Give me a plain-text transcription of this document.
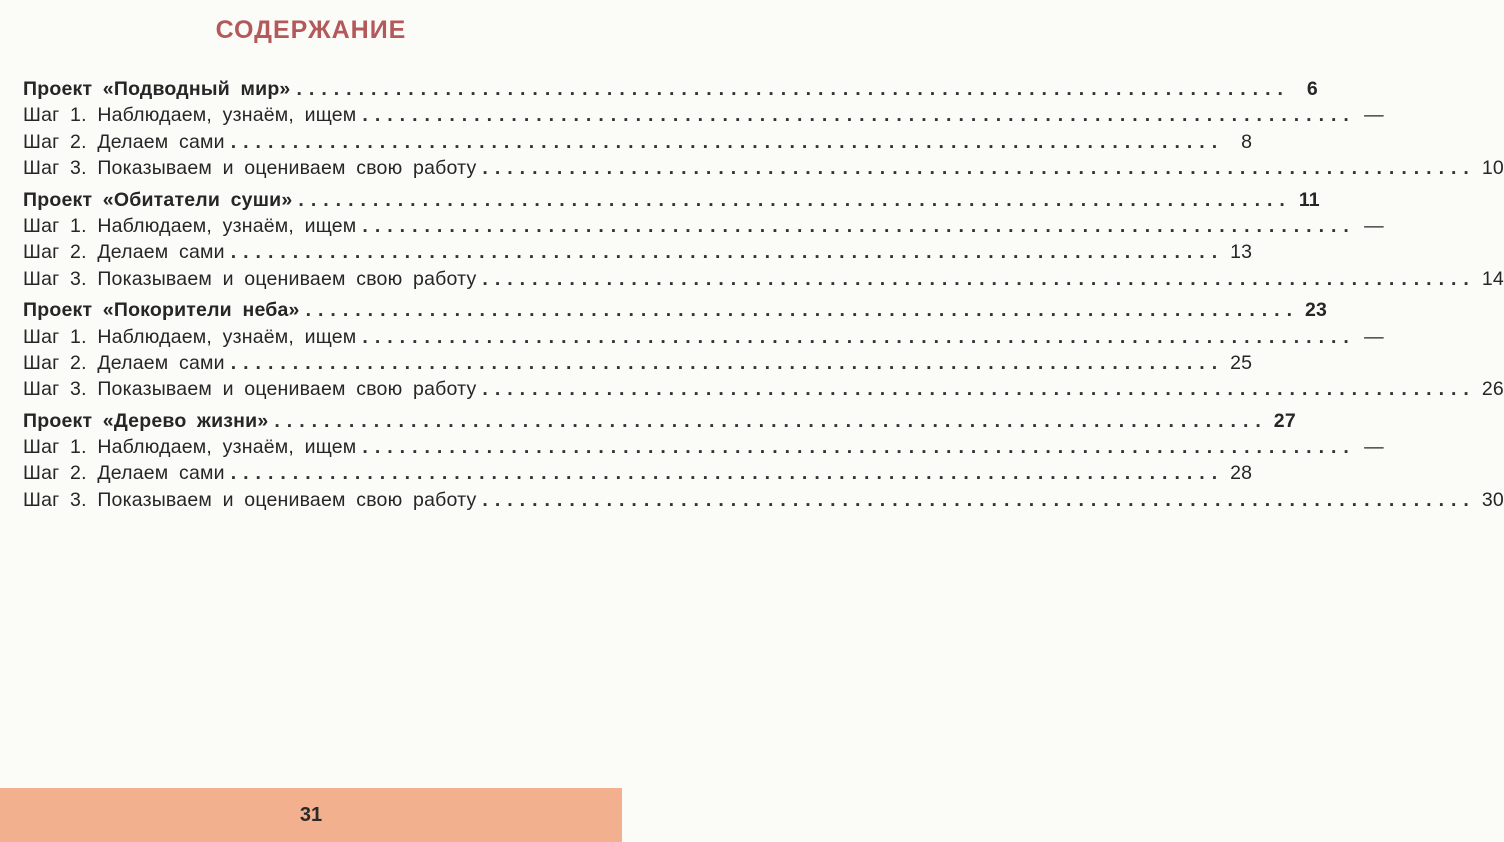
СОДЕРЖАНИЕ
Проект «Подводный мир» ................................................................................ 6
Шаг 1. Наблюдаем, узнаём, ищем ................................................................................ —
Шаг 2. Делаем сами ................................................................................ 8
Шаг 3. Показываем и оцениваем свою работу ................................................................................ 10
Проект «Обитатели суши» ................................................................................ 11
Шаг 1. Наблюдаем, узнаём, ищем ................................................................................ —
Шаг 2. Делаем сами ................................................................................ 13
Шаг 3. Показываем и оцениваем свою работу ................................................................................ 14
Проект «Покорители неба» ................................................................................ 23
Шаг 1. Наблюдаем, узнаём, ищем ................................................................................ —
Шаг 2. Делаем сами ................................................................................ 25
Шаг 3. Показываем и оцениваем свою работу ................................................................................ 26
Проект «Дерево жизни» ................................................................................ 27
Шаг 1. Наблюдаем, узнаём, ищем ................................................................................ —
Шаг 2. Делаем сами ................................................................................ 28
Шаг 3. Показываем и оцениваем свою работу ................................................................................ 30
31
